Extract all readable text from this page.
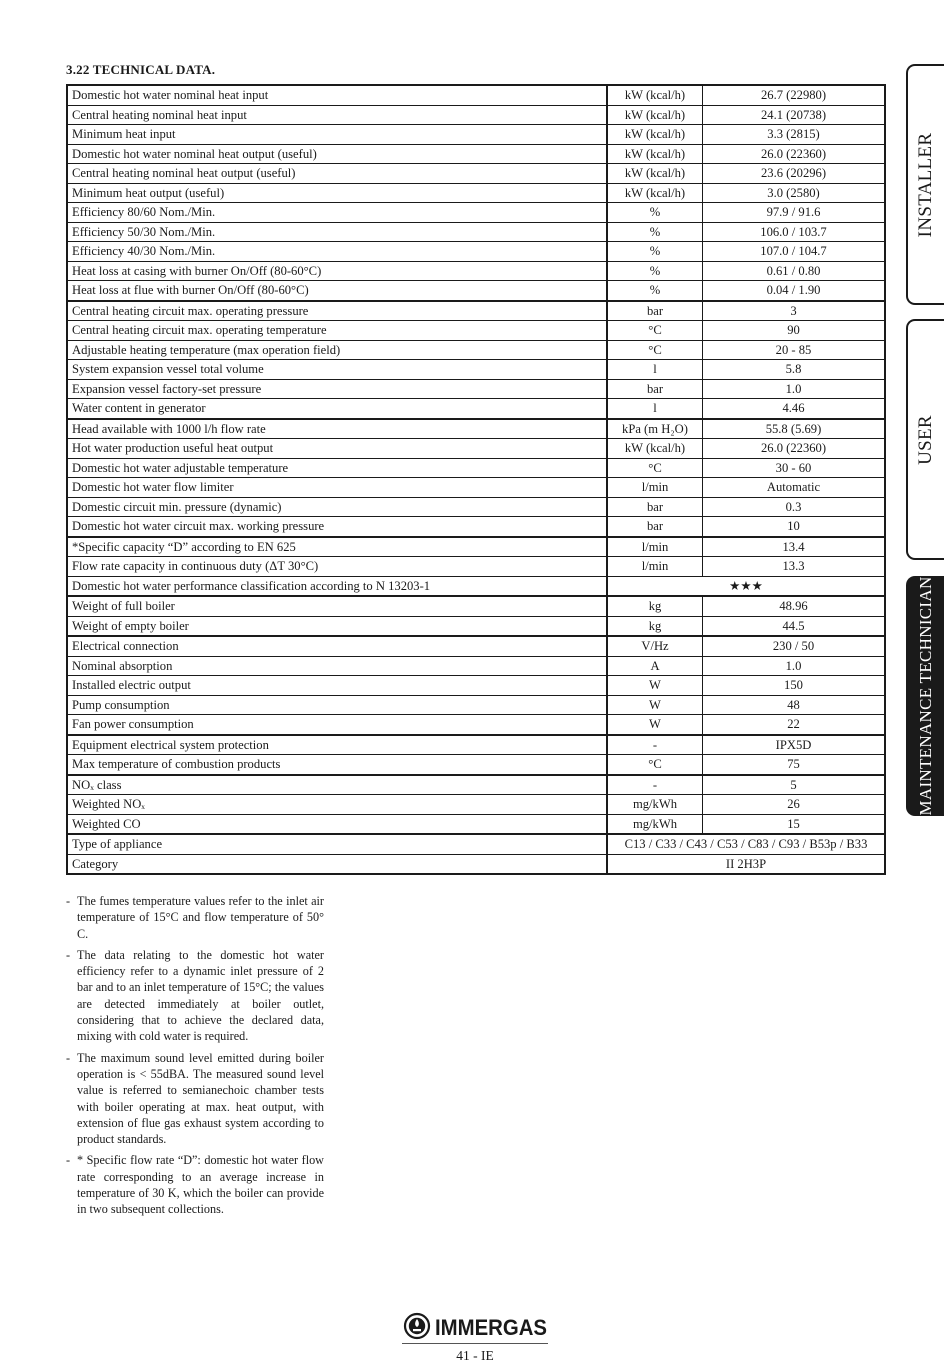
3.22 TECHNICAL DATA.
Domestic hot water nominal heat input	kW (kcal/h)	26.7 (22980)
Central heating nominal heat input	kW (kcal/h)	24.1 (20738)
Minimum heat input	kW (kcal/h)	3.3 (2815)
Domestic hot water nominal heat output (useful)	kW (kcal/h)	26.0 (22360)
Central heating nominal heat output (useful)	kW (kcal/h)	23.6 (20296)
Minimum heat output (useful)	kW (kcal/h)	3.0 (2580)
Efficiency 80/60 Nom./Min.	%	97.9 / 91.6
Efficiency 50/30 Nom./Min.	%	106.0 / 103.7
Efficiency 40/30 Nom./Min.	%	107.0 / 104.7
Heat loss at casing with burner On/Off (80-60°C)	%	0.61 / 0.80
Heat loss at flue with burner On/Off (80-60°C)	%	0.04 / 1.90
Central heating circuit max. operating pressure	bar	3
Central heating circuit max. operating temperature	°C	90
Adjustable heating temperature (max operation field)	°C	20 - 85
System expansion vessel total volume	l	5.8
Expansion vessel factory-set pressure	bar	1.0
Water content in generator	l	4.46
Head available with 1000 l/h flow rate	kPa (m H₂O)	55.8 (5.69)
Hot water production useful heat output	kW (kcal/h)	26.0 (22360)
Domestic hot water adjustable temperature	°C	30 - 60
Domestic hot water flow limiter	l/min	Automatic
Domestic circuit min. pressure (dynamic)	bar	0.3
Domestic hot water circuit max. working pressure	bar	10
*Specific capacity “D” according to EN 625	l/min	13.4
Flow rate capacity in continuous duty (ΔT 30°C)	l/min	13.3
Domestic hot water performance classification according to N 13203-1	★★★	
Weight of full boiler	kg	48.96
Weight of empty boiler	kg	44.5
Electrical connection	V/Hz	230 / 50
Nominal absorption	A	1.0
Installed electric output	W	150
Pump consumption	W	48
Fan power consumption	W	22
Equipment electrical system protection	-	IPX5D
Max temperature of combustion products	°C	75
NOₓ class	-	5
Weighted NOₓ	mg/kWh	26
Weighted CO	mg/kWh	15
Type of appliance	C13 / C33 / C43 / C53 / C83 / C93 / B53p / B33	
Category	II 2H3P	
- The fumes temperature values refer to the inlet air temperature of 15°C and flow temperature of 50° C.
- The data relating to the domestic hot water efficiency refer to a dynamic inlet pressure of 2 bar and to an inlet temperature of 15°C; the values are detected immediately at boiler outlet, considering that to achieve the declared data, mixing with cold water is required.
- The maximum sound level emitted during boiler operation is < 55dBA. The measured sound level value is referred to semianechoic chamber tests with boiler operating at max. heat output, with extension of flue gas exhaust system according to product standards.
- * Specific flow rate “D”: domestic hot water flow rate corresponding to an average increase in temperature of 30 K, which the boiler can provide in two subsequent collections.
INSTALLER
USER
MAINTENANCE TECHNICIAN
IMMERGAS
41 - IE
